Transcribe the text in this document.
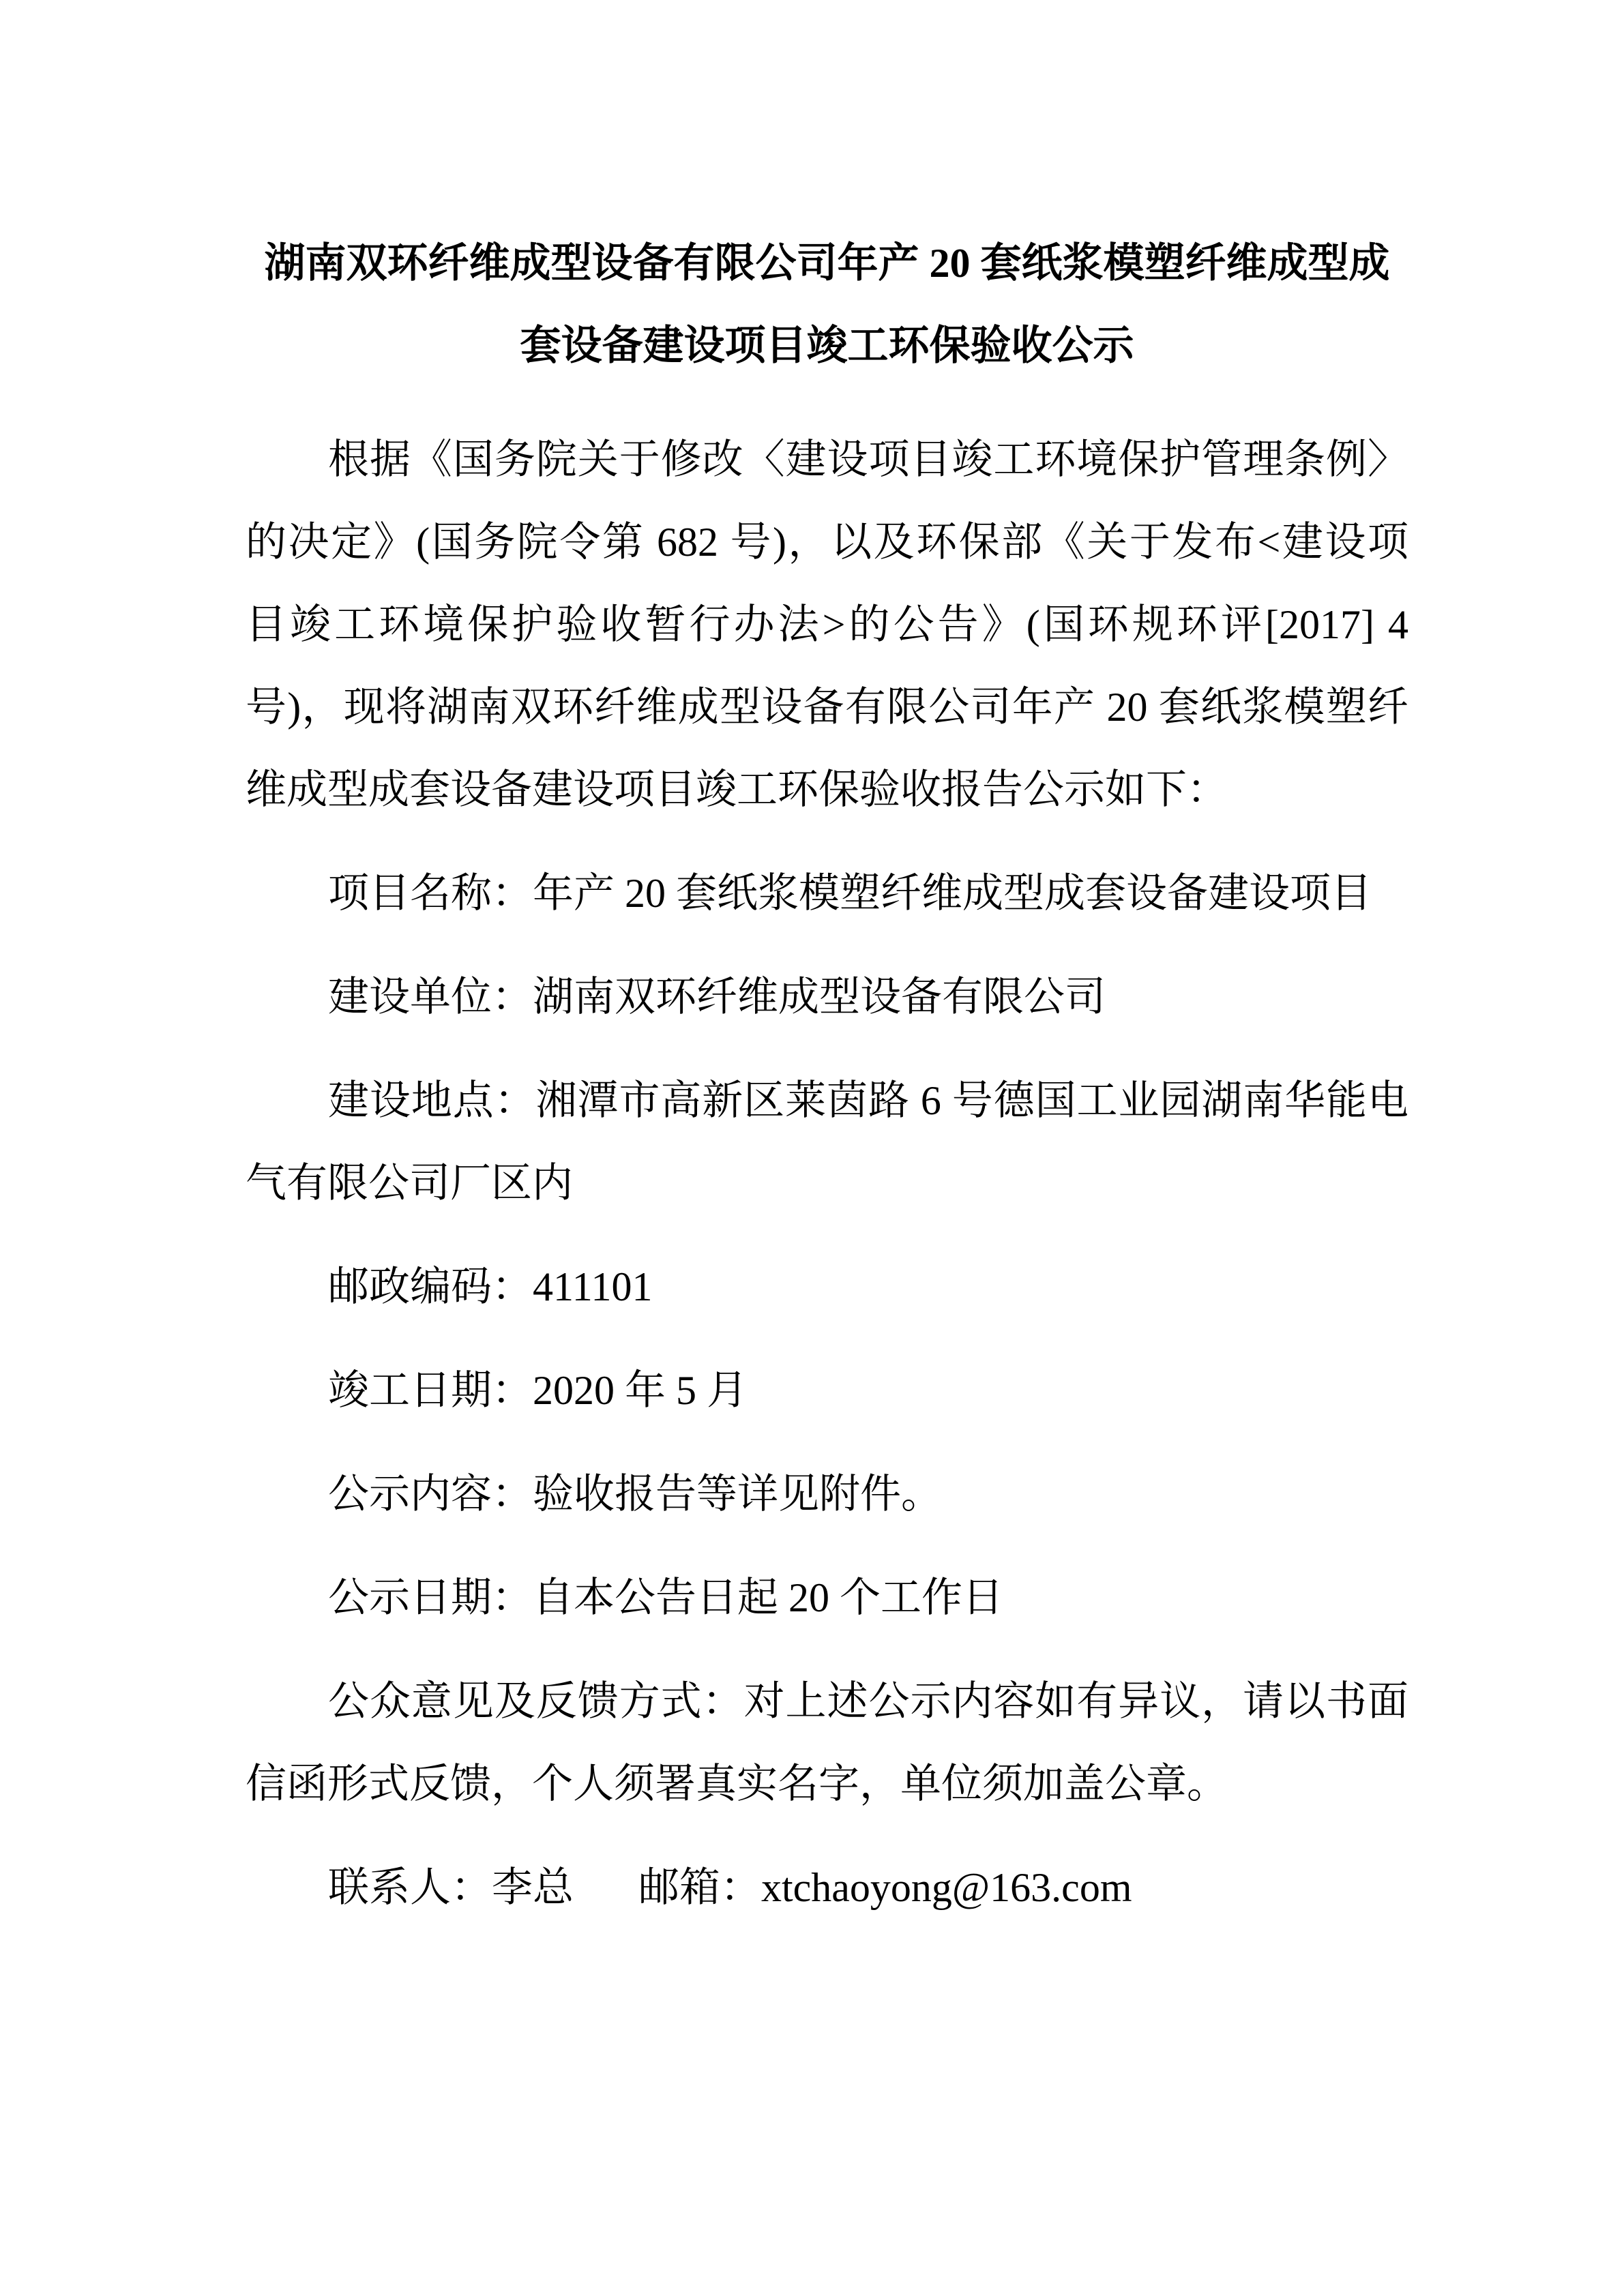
湖南双环纤维成型设备有限公司年产 20 套纸浆模塑纤维成型成
套设备建设项目竣工环保验收公示
根据《国务院关于修改〈建设项目竣工环境保护管理条例〉
的决定》(国务院令第 682 号)，以及环保部《关于发布<建设项
目竣工环境保护验收暂行办法>的公告》(国环规环评[2017] 4
号)，现将湖南双环纤维成型设备有限公司年产 20 套纸浆模塑纤
维成型成套设备建设项目竣工环保验收报告公示如下：
项目名称：年产 20 套纸浆模塑纤维成型成套设备建设项目
建设单位：湖南双环纤维成型设备有限公司
建设地点：湘潭市高新区莱茵路 6 号德国工业园湖南华能电
气有限公司厂区内
邮政编码：411101
竣工日期：2020 年 5 月
公示内容：验收报告等详见附件。
公示日期：自本公告日起 20 个工作日
公众意见及反馈方式：对上述公示内容如有异议，请以书面
信函形式反馈，个人须署真实名字，单位须加盖公章。
联系人：李总 邮箱：xtchaoyong@163.com
